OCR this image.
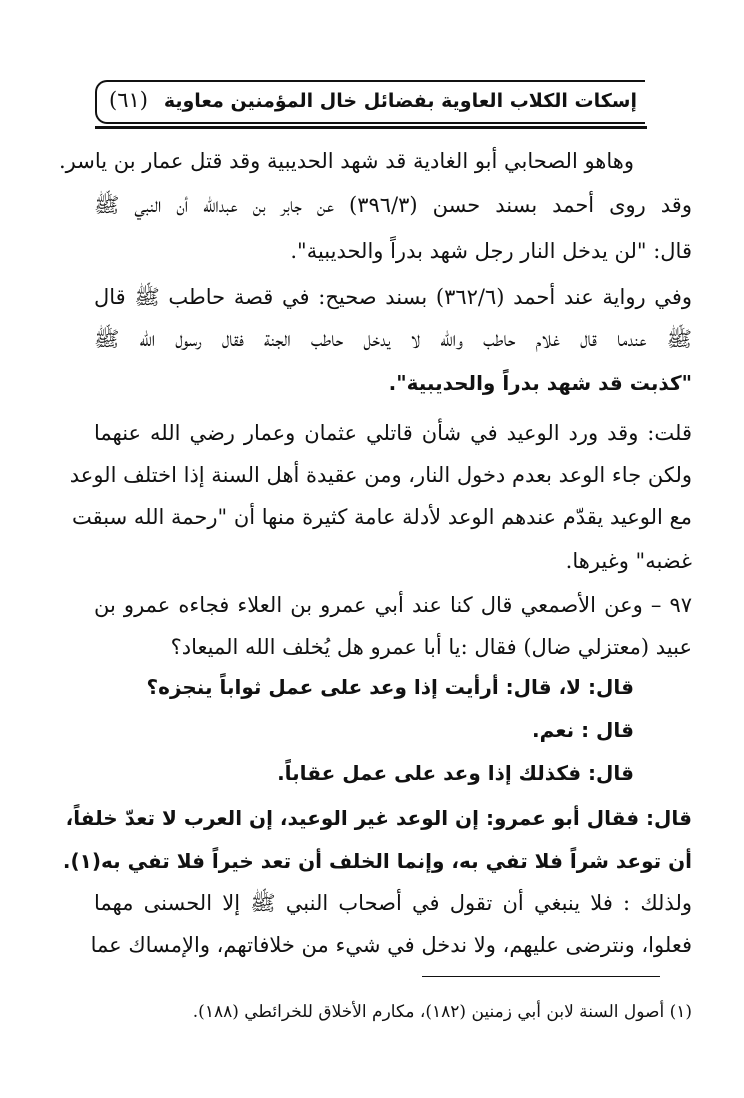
إسكات الكلاب العاوية بفضائل خال المؤمنين معاوية
(٦١)
وهاهو الصحابي أبو الغادية قد شهد الحديبية وقد قتل عمار بن ياسر.
وقد روى أحمد بسند حسن (٣٩٦/٣) عن جابر بن عبدالله أن النبي ﷺ
قال: "لن يدخل النار رجل شهد بدراً والحديبية".
وفي رواية عند أحمد (٣٦٢/٦) بسند صحيح: في قصة حاطب ﷺ قال
ﷺ عندما قال غلام حاطب والله لا يدخل حاطب الجنة فقال رسول الله ﷺ
"كذبت قد شهد بدراً والحديبية".
قلت: وقد ورد الوعيد في شأن قاتلي عثمان وعمار رضي الله عنهما
ولكن جاء الوعد بعدم دخول النار، ومن عقيدة أهل السنة إذا اختلف الوعد
مع الوعيد يقدّم عندهم الوعد لأدلة عامة كثيرة منها أن "رحمة الله سبقت
غضبه" وغيرها.
٩٧ – وعن الأصمعي قال كنا عند أبي عمرو بن العلاء فجاءه عمرو بن
عبيد (معتزلي ضال) فقال :يا أبا عمرو هل يُخلف الله الميعاد؟
قال: لا، قال: أرأيت إذا وعد على عمل ثواباً ينجزه؟
قال : نعم.
قال: فكذلك إذا وعد على عمل عقاباً.
قال: فقال أبو عمرو: إن الوعد غير الوعيد، إن العرب لا تعدّ خلفاً،
أن توعد شراً فلا تفي به، وإنما الخلف أن تعد خيراً فلا تفي به(١).
ولذلك : فلا ينبغي أن تقول في أصحاب النبي ﷺ إلا الحسنى مهما
فعلوا، ونترضى عليهم، ولا ندخل في شيء من خلافاتهم، والإمساك عما
(١) أصول السنة لابن أبي زمنين (١٨٢)، مكارم الأخلاق للخرائطي (١٨٨).
